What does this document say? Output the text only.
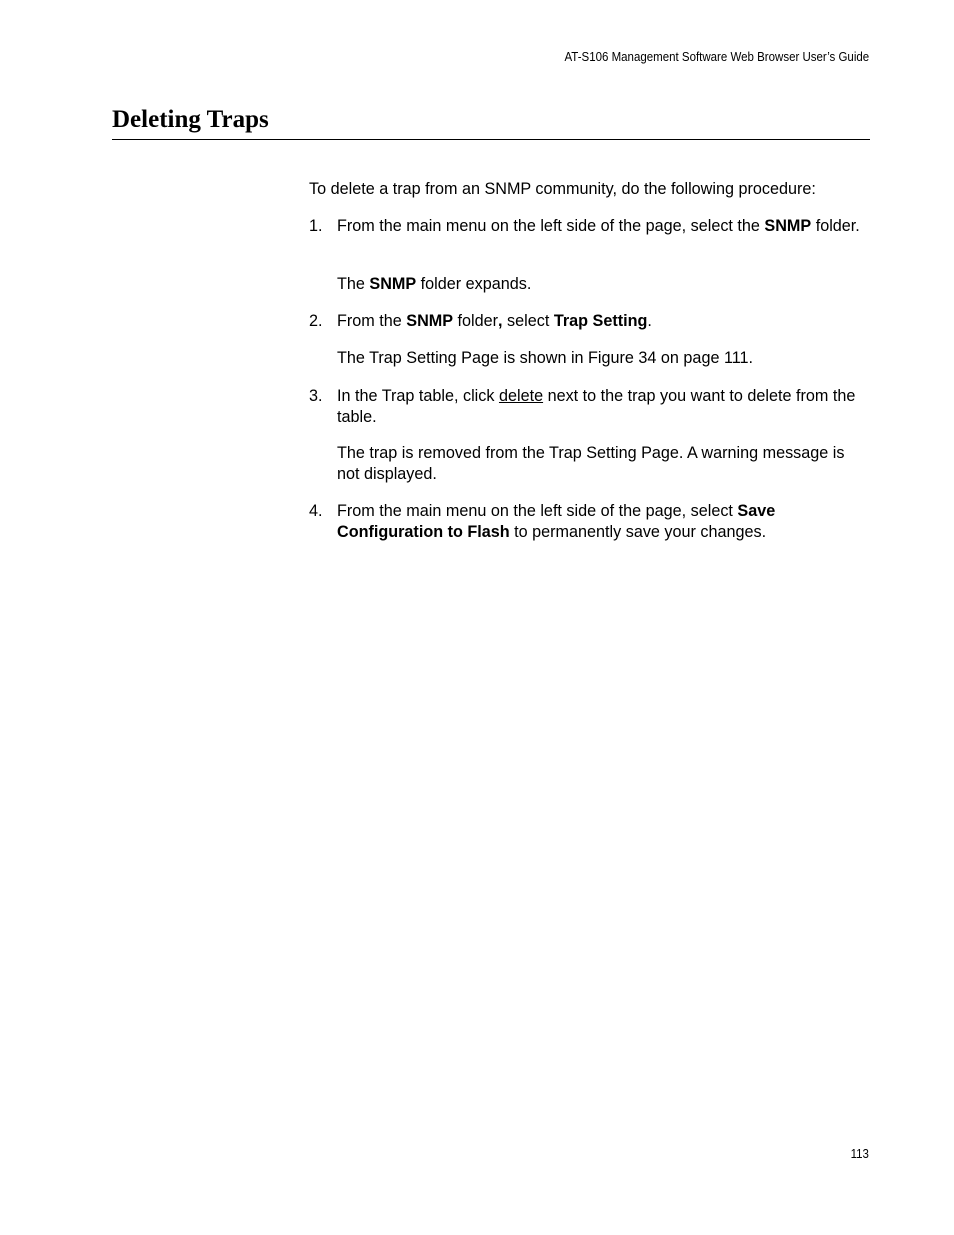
AT-S106 Management Software Web Browser User’s Guide
Deleting Traps
To delete a trap from an SNMP community, do the following procedure:
1. From the main menu on the left side of the page, select the SNMP folder.
The SNMP folder expands.
2. From the SNMP folder, select Trap Setting.
The Trap Setting Page is shown in Figure 34 on page 111.
3. In the Trap table, click delete next to the trap you want to delete from the table.
The trap is removed from the Trap Setting Page. A warning message is not displayed.
4. From the main menu on the left side of the page, select Save Configuration to Flash to permanently save your changes.
113
